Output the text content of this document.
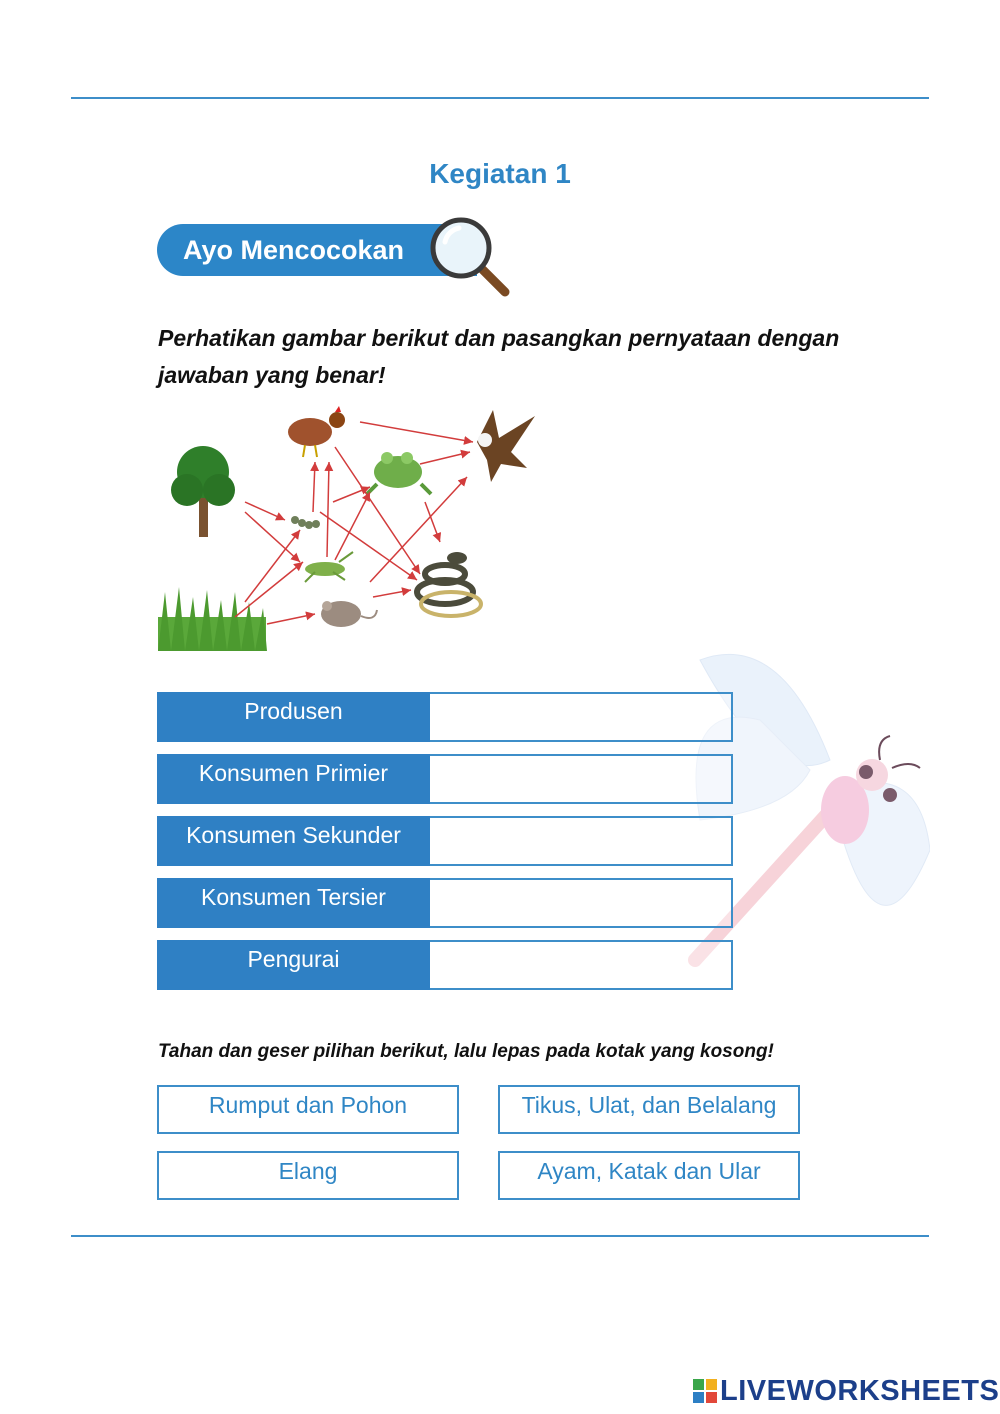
Kegiatan 1
Ayo Mencocokan
Perhatikan gambar berikut dan pasangkan pernyataan dengan jawaban yang benar!
Produsen
Konsumen Primier
Konsumen Sekunder
Konsumen Tersier
Pengurai
Tahan dan geser pilihan berikut, lalu lepas pada kotak yang kosong!
Rumput dan Pohon	Tikus, Ulat, dan Belalang
Elang	Ayam, Katak dan Ular
LIVEWORKSHEETS
